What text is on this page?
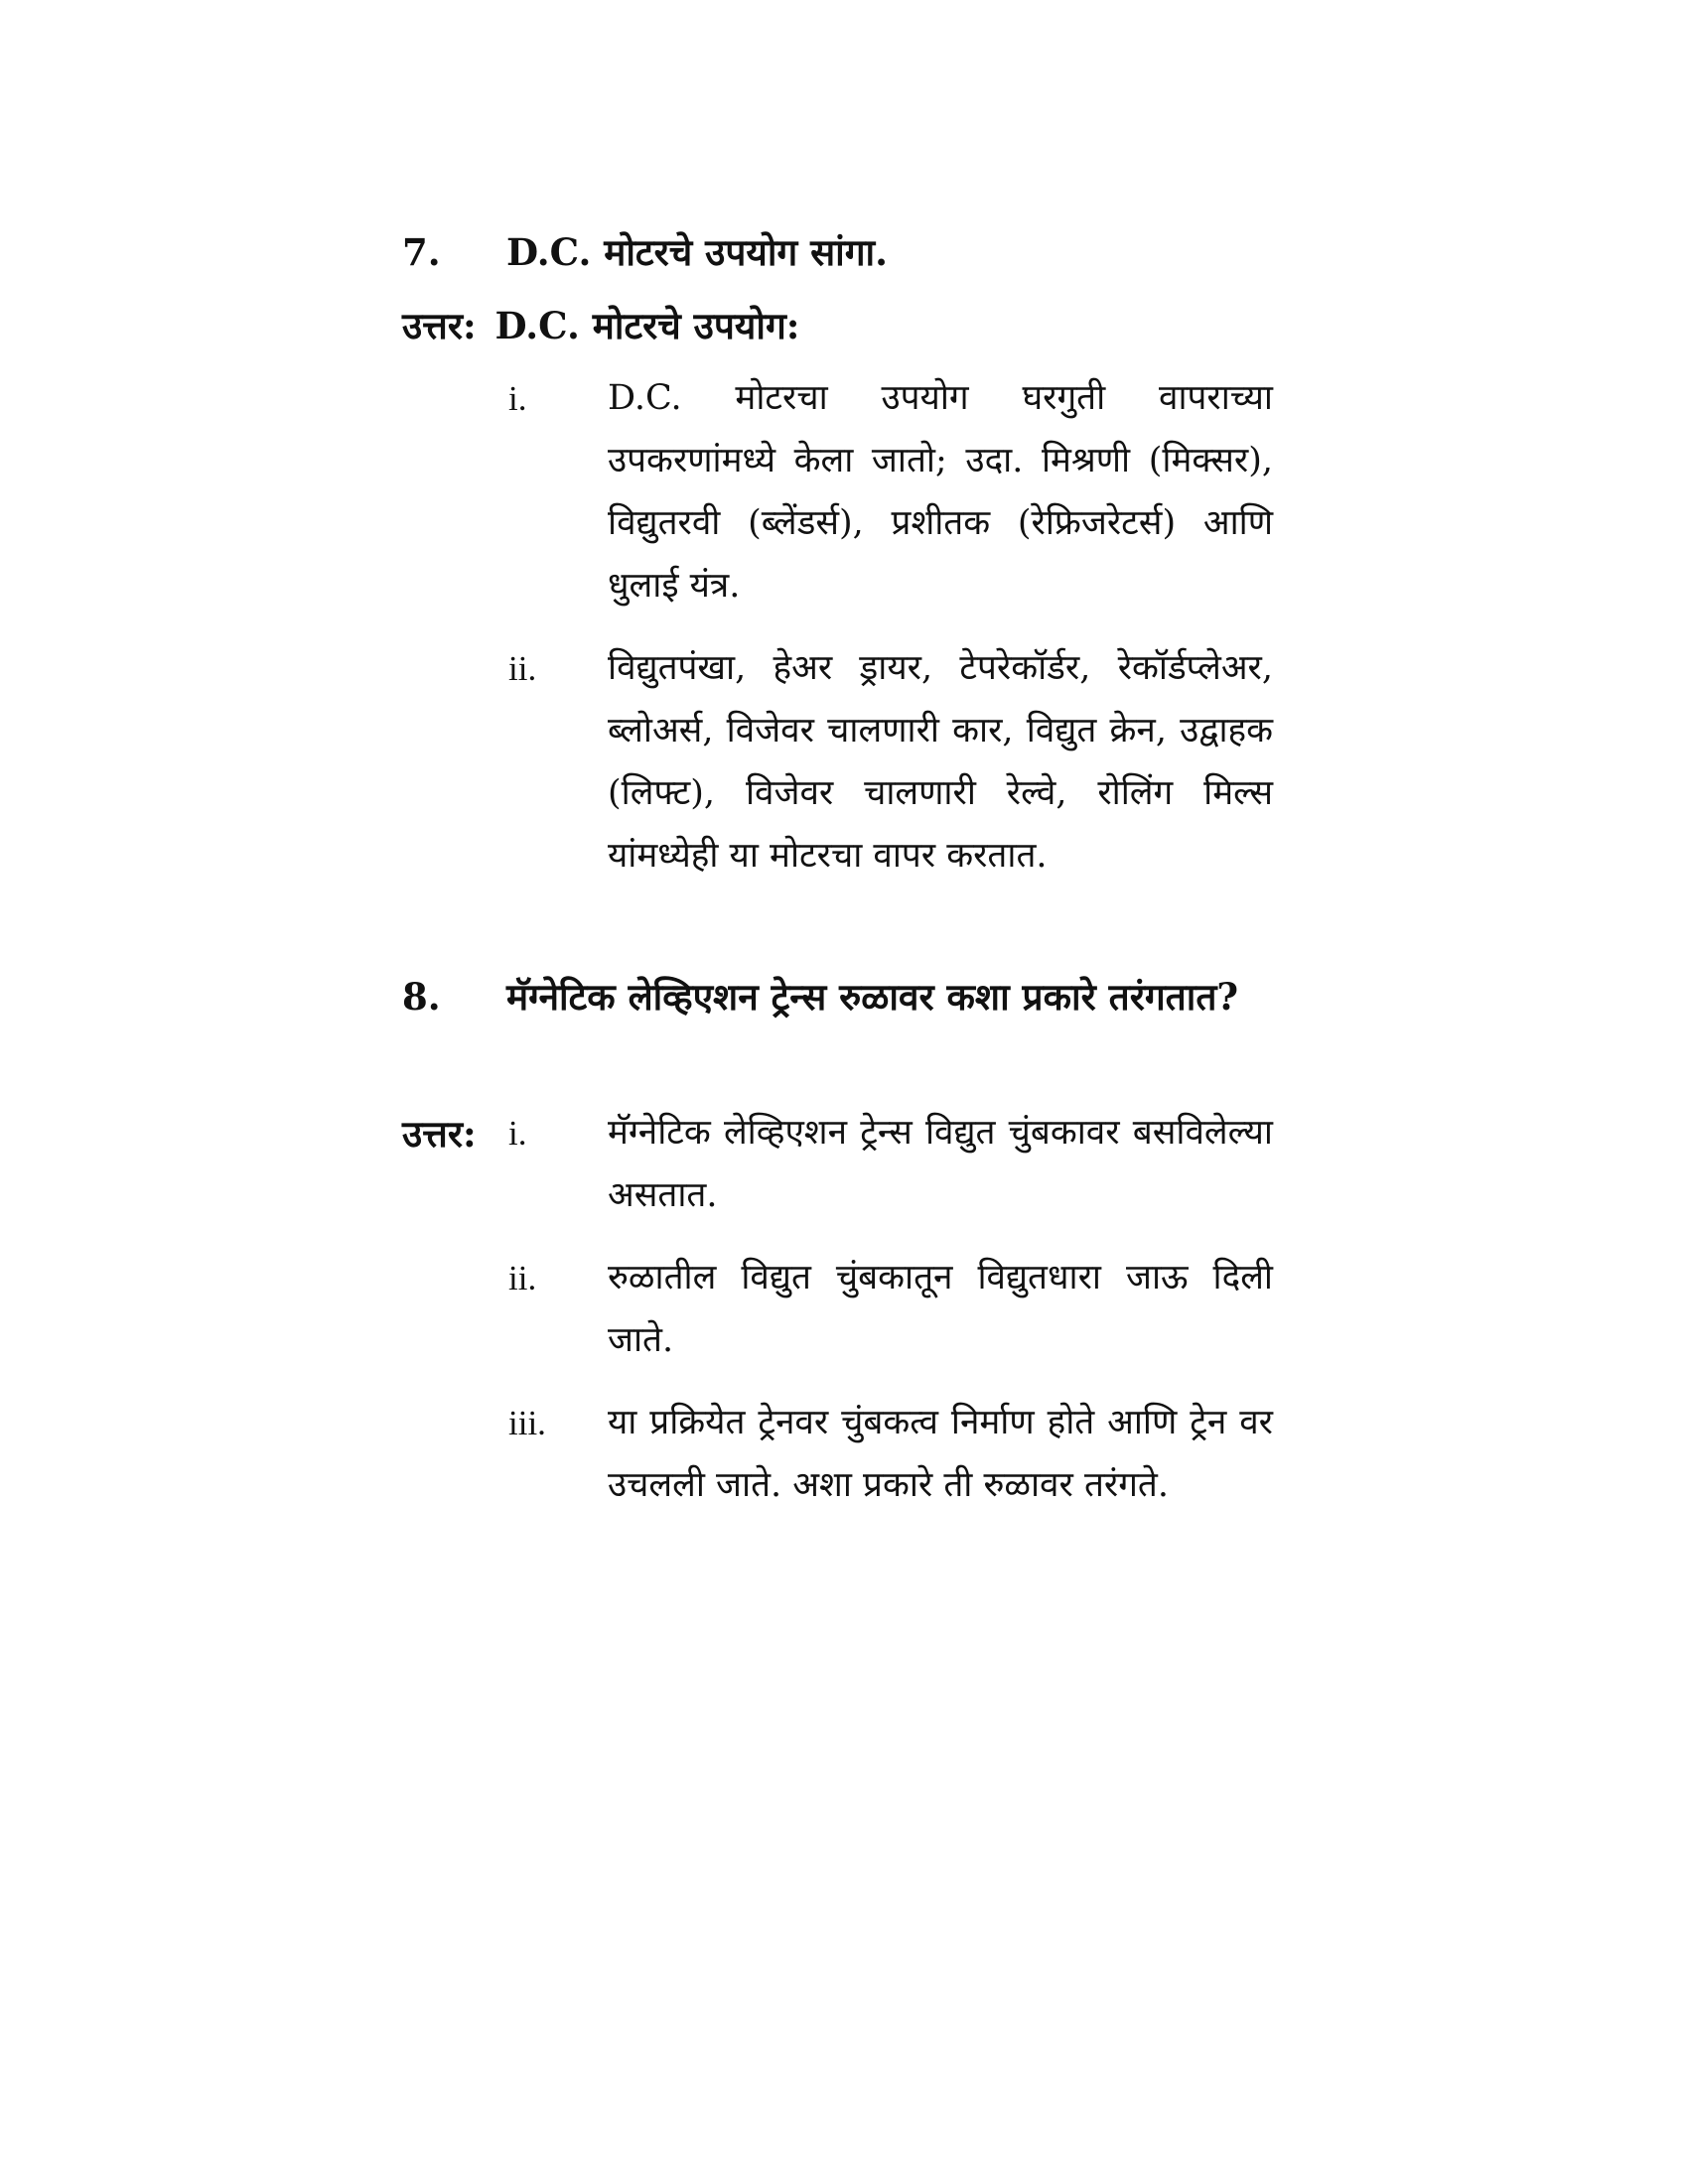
7.	D.C. मोटरचे उपयोग सांगा.
उत्तर: D.C. मोटरचे उपयोग:
i.	D.C. मोटरचा उपयोग घरगुती वापराच्या उपकरणांमध्ये केला जातो; उदा. मिश्रणी (मिक्सर), विद्युतरवी (ब्लेंडर्स), प्रशीतक (रेफ्रिजरेटर्स) आणि धुलाई यंत्र.
ii.	विद्युतपंखा, हेअर ड्रायर, टेपरेकॉर्डर, रेकॉर्डप्लेअर, ब्लोअर्स, विजेवर चालणारी कार, विद्युत क्रेन, उद्वाहक (लिफ्ट), विजेवर चालणारी रेल्वे, रोलिंग मिल्स यांमध्येही या मोटरचा वापर करतात.
8.	मॅग्नेटिक लेव्हिएशन ट्रेन्स रुळावर कशा प्रकारे तरंगतात?
उत्तर: i.	मॅग्नेटिक लेव्हिएशन ट्रेन्स विद्युत चुंबकावर बसविलेल्या असतात.
ii.	रुळातील विद्युत चुंबकातून विद्युतधारा जाऊ दिली जाते.
iii.	या प्रक्रियेत ट्रेनवर चुंबकत्व निर्माण होते आणि ट्रेन वर उचलली जाते. अशा प्रकारे ती रुळावर तरंगते.
